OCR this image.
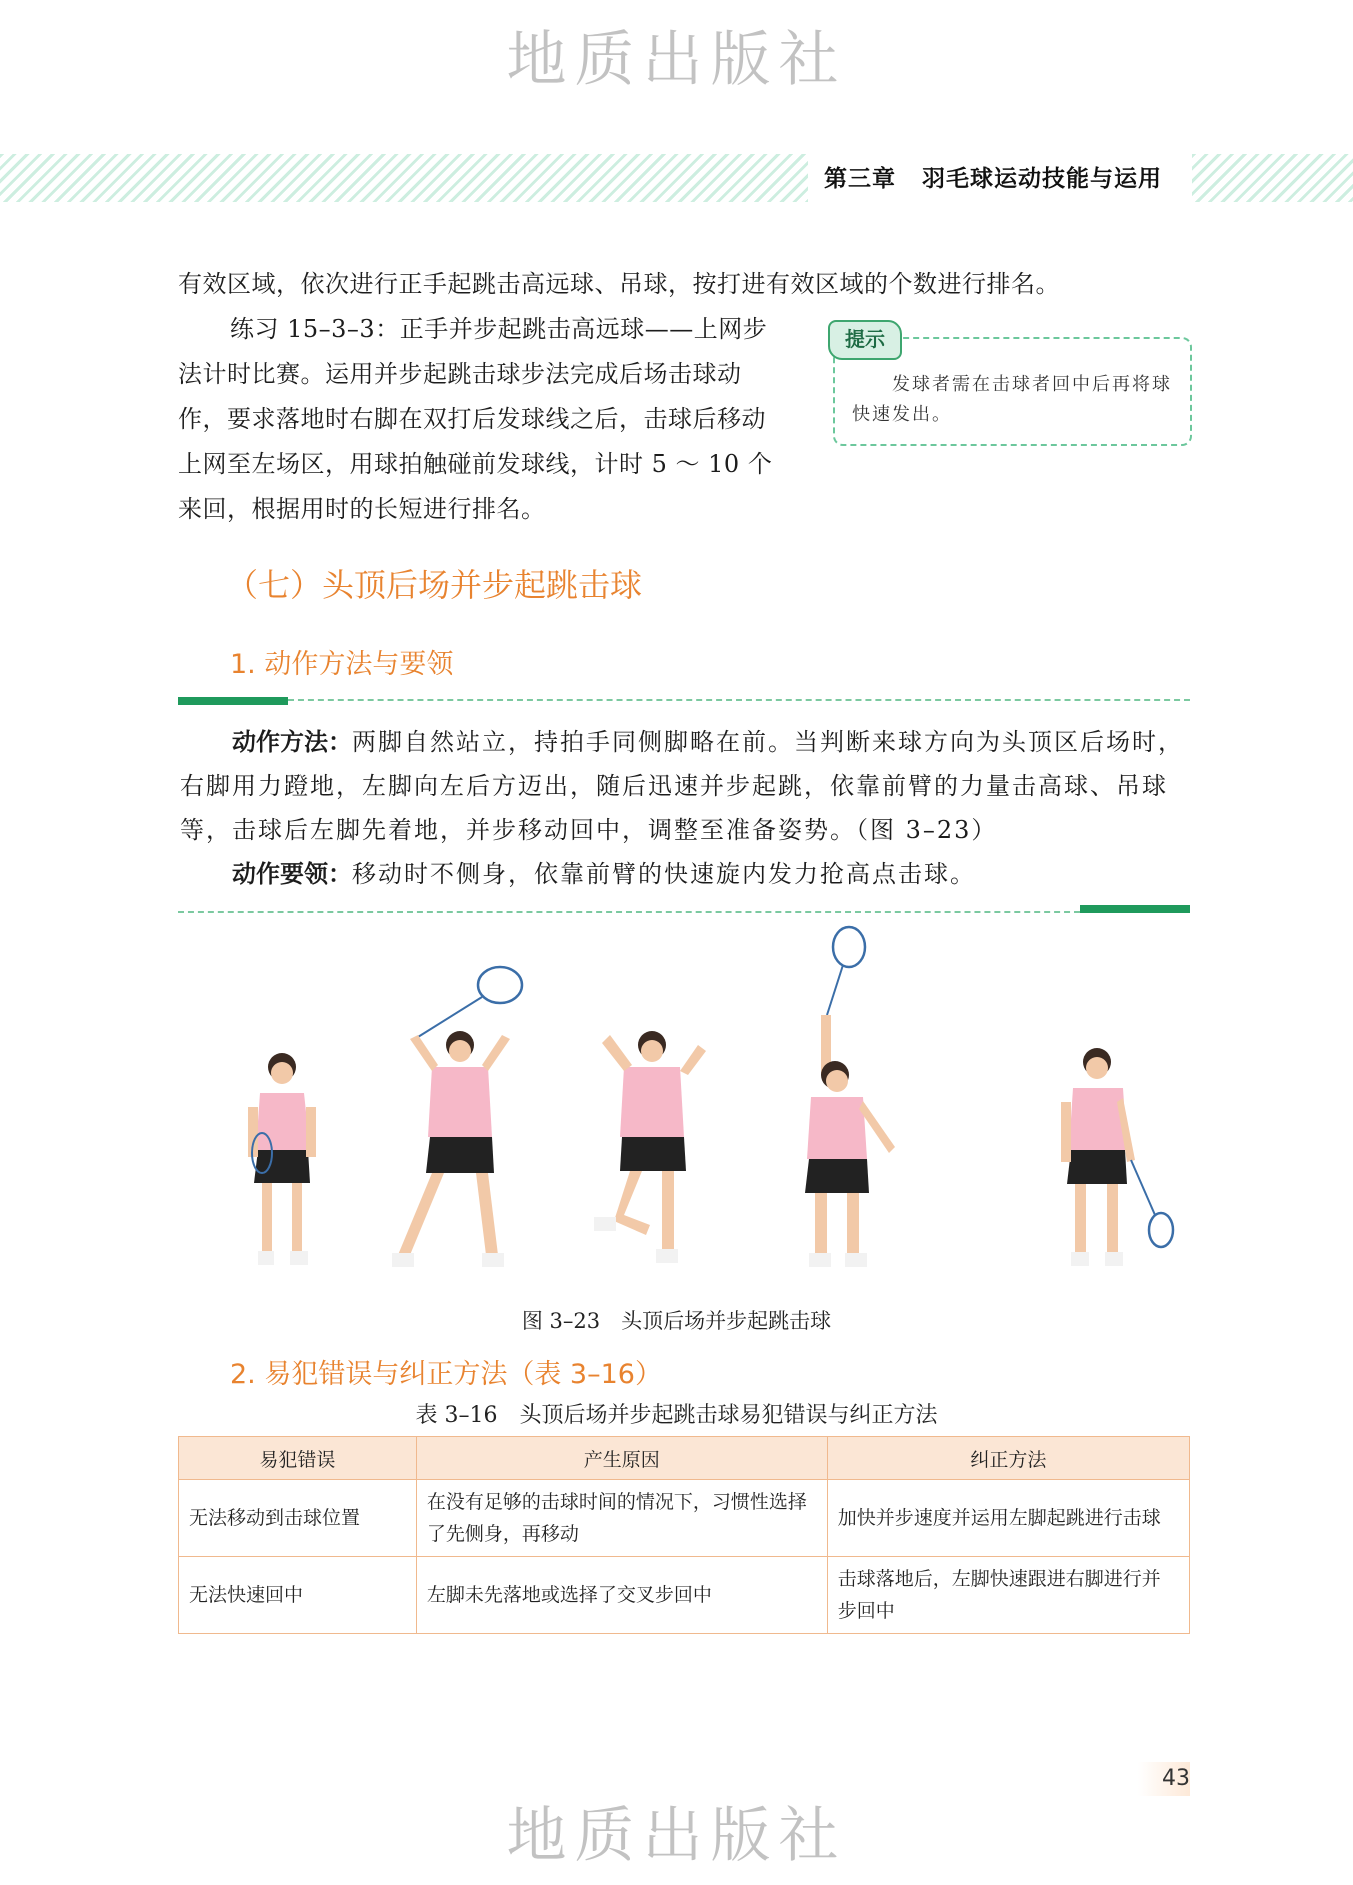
地质出版社
第三章 羽毛球运动技能与运用
有效区域，依次进行正手起跳击高远球、吊球，按打进有效区域的个数进行排名。
练习 15–3–3：正手并步起跳击高远球——上网步
法计时比赛。运用并步起跳击球步法完成后场击球动
作，要求落地时右脚在双打后发球线之后，击球后移动
上网至左场区，用球拍触碰前发球线，计时 5 ～ 10 个
来回，根据用时的长短进行排名。
提示
发球者需在击球者回中后再将球快速发出。
（七）头顶后场并步起跳击球
1. 动作方法与要领
动作方法：两脚自然站立，持拍手同侧脚略在前。当判断来球方向为头顶区后场时，
右脚用力蹬地，左脚向左后方迈出，随后迅速并步起跳，依靠前臂的力量击高球、吊球
等，击球后左脚先着地，并步移动回中，调整至准备姿势。（图 3–23）
动作要领：移动时不侧身，依靠前臂的快速旋内发力抢高点击球。
图 3–23　头顶后场并步起跳击球
2. 易犯错误与纠正方法（表 3–16）
表 3–16　头顶后场并步起跳击球易犯错误与纠正方法
易犯错误	产生原因	纠正方法
无法移动到击球位置	在没有足够的击球时间的情况下，习惯性选择了先侧身，再移动	加快并步速度并运用左脚起跳进行击球
无法快速回中	左脚未先落地或选择了交叉步回中	击球落地后，左脚快速跟进右脚进行并步回中
43
地质出版社
